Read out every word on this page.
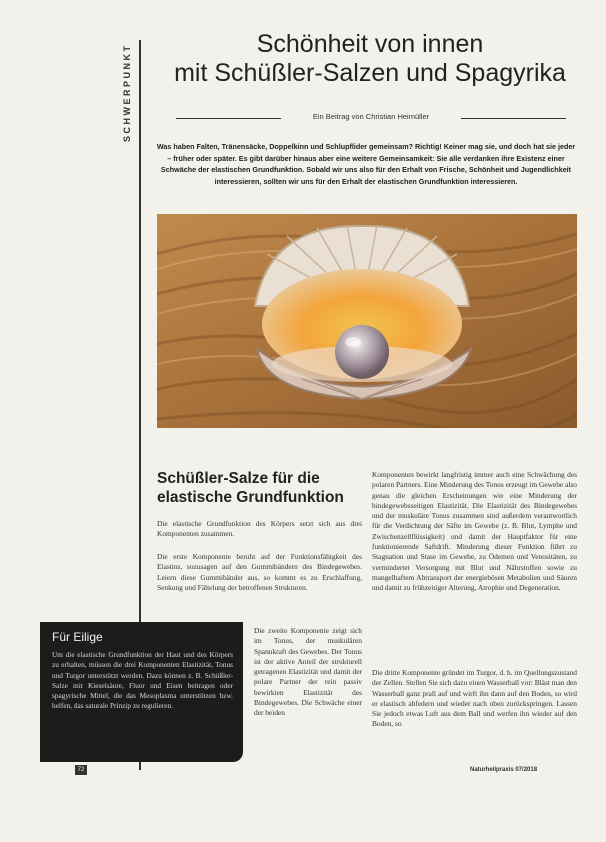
SCHWERPUNKT	Schönheit von innen
mit Schüßler-Salzen und Spagyrika
Ein Beitrag von Christian Heimüller
Was haben Falten, Tränensäcke, Doppelkinn und Schlupflider gemeinsam? Richtig! Keiner mag sie, und doch hat sie jeder – früher oder später. Es gibt darüber hinaus aber eine weitere Gemeinsamkeit: Sie alle verdanken ihre Existenz einer Schwäche der elastischen Grundfunktion. Sobald wir uns also für den Erhalt von Frische, Schönheit und Jugendlichkeit interessieren, sollten wir uns für den Erhalt der elastischen Grundfunktion interessieren.
Schüßler-Salze für die elastische Grundfunktion

Die elastische Grundfunktion des Körpers setzt sich aus drei Komponenten zusammen.

Die erste Komponente beruht auf der Funktionsfähigkeit des Elastins, sozusagen auf den Gummibändern des Bindegewebes. Leiern diese Gummibänder aus, so kommt es zu Erschlaffung, Senkung und Fältelung der betroffenen Strukturen.

Die zweite Komponente zeigt sich im Tonus, der muskulären Spannkraft des Gewebes. Der Tonus ist der aktive Anteil der strukturell getragenen Elastizität und damit der polare Partner der rein passiv bewirkten Elastizität des Bindegewebes. Die Schwäche einer der beiden

Komponenten bewirkt langfristig immer auch eine Schwächung des polaren Partners. Eine Minderung des Tonus erzeugt im Gewebe also genau die gleichen Erscheinungen wie eine Minderung der bindegewebsseitigen Elastizität. Die Elastizität des Bindegewebes und der muskuläre Tonus zusammen sind außerdem verantwortlich für die Verdichtung der Säfte im Gewebe (z. B. Blut, Lymphe und Zwischenzellflüssigkeit) und damit der Hauptfaktor für eine funktionierende Saftdrift. Minderung dieser Funktion führt zu Stagnation und Stase im Gewebe, zu Ödemen und Venositäten, zu vermindertet Versorgung mit Blut und Nährstoffen sowie zu mangelhaftem Abtransport der energiebösen Metabolien und Säuren und damit zu frühzeitiger Alterung, Atrophie und Degeneration.

Die dritte Komponente gründet im Turgor, d. h. im Quellungszustand der Zellen. Stellen Sie sich dazu einen Wasserball vor: Bläst man den Wasserball ganz prall auf und wirft ihn dann auf den Boden, so wird er elastisch abfedern und wieder nach oben zurückspringen. Lassen Sie jedoch etwas Luft aus dem Ball und werfen ihn wieder auf den Boden, so

Für Eilige

Um die elastische Grundfunktion der Haut und des Körpers zu erhalten, müssen die drei Komponenten Elastizität, Tonus und Turgor unterstützt werden. Dazu können z. B. Schüßler-Salze mit Kieselsäure, Fluor und Eisen beitragen oder spagyrische Mittel, die das Mesoplasma unterstützen bzw. helfen, das saturale Prinzip zu regulieren.

72	Naturheilpraxis 07/2018
